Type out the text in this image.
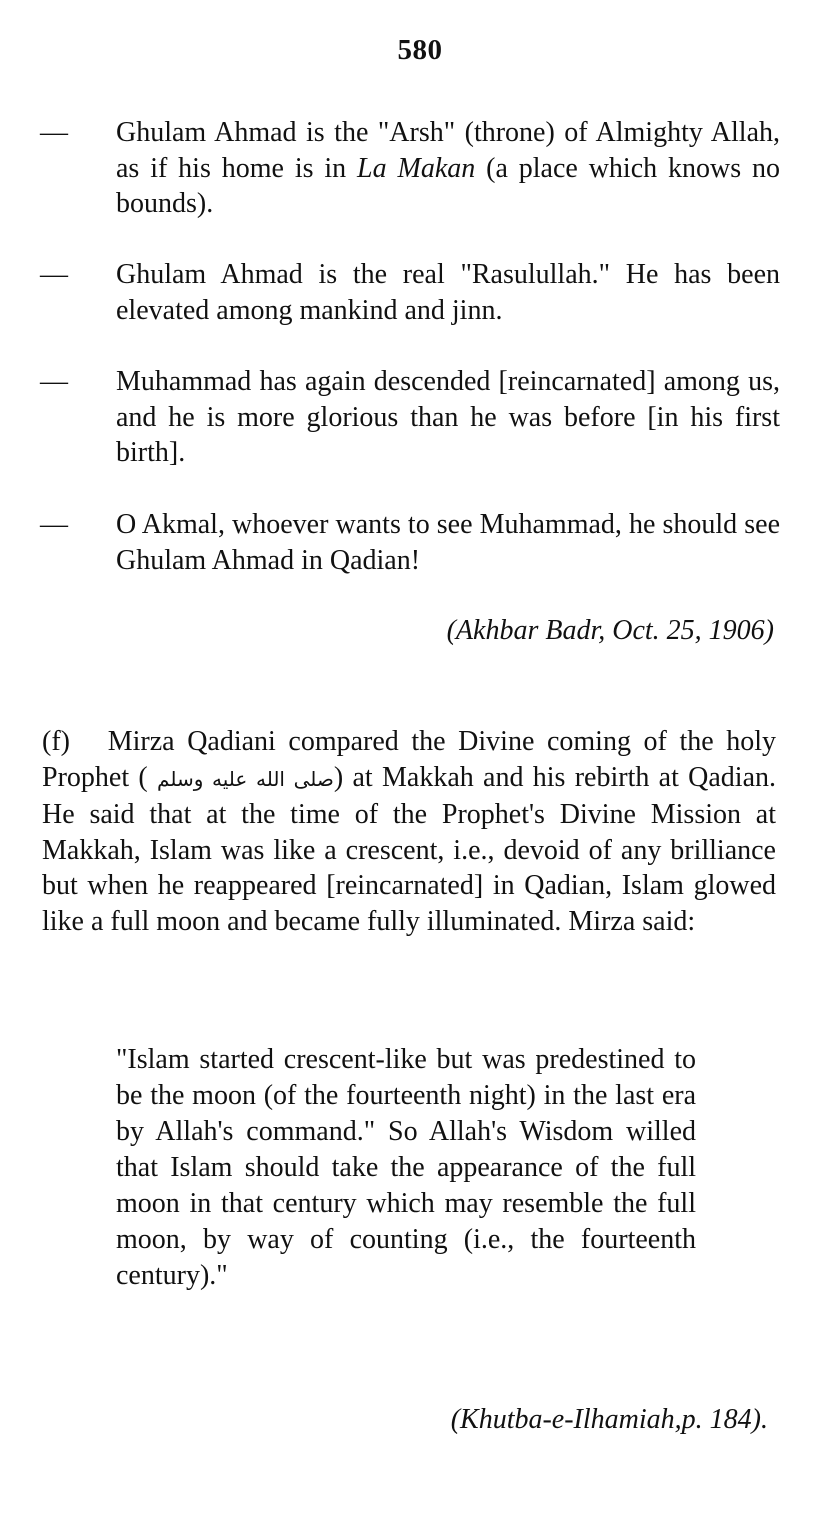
580
—	Ghulam Ahmad is the "Arsh" (throne) of Almighty Allah, as if his home is in La Makan (a place which knows no bounds).
—	Ghulam Ahmad is the real "Rasulullah." He has been elevated among mankind and jinn.
—	Muhammad has again descended [reincarnated] among us, and he is more glorious than he was before [in his first birth].
—	O Akmal, whoever wants to see Muhammad, he should see Ghulam Ahmad in Qadian!
(Akhbar Badr, Oct. 25, 1906)
(f) Mirza Qadiani compared the Divine coming of the holy Prophet ( صلى الله عليه وسلم) at Makkah and his rebirth at Qadian. He said that at the time of the Prophet's Divine Mission at Makkah, Islam was like a crescent, i.e., devoid of any brilliance but when he reappeared [reincarnated] in Qadian, Islam glowed like a full moon and became fully illuminated. Mirza said:
"Islam started crescent-like but was predestined to be the moon (of the fourteenth night) in the last era by Allah's command." So Allah's Wisdom willed that Islam should take the appearance of the full moon in that century which may resemble the full moon, by way of counting (i.e., the fourteenth century)."
(Khutba-e-Ilhamiah,p. 184).
